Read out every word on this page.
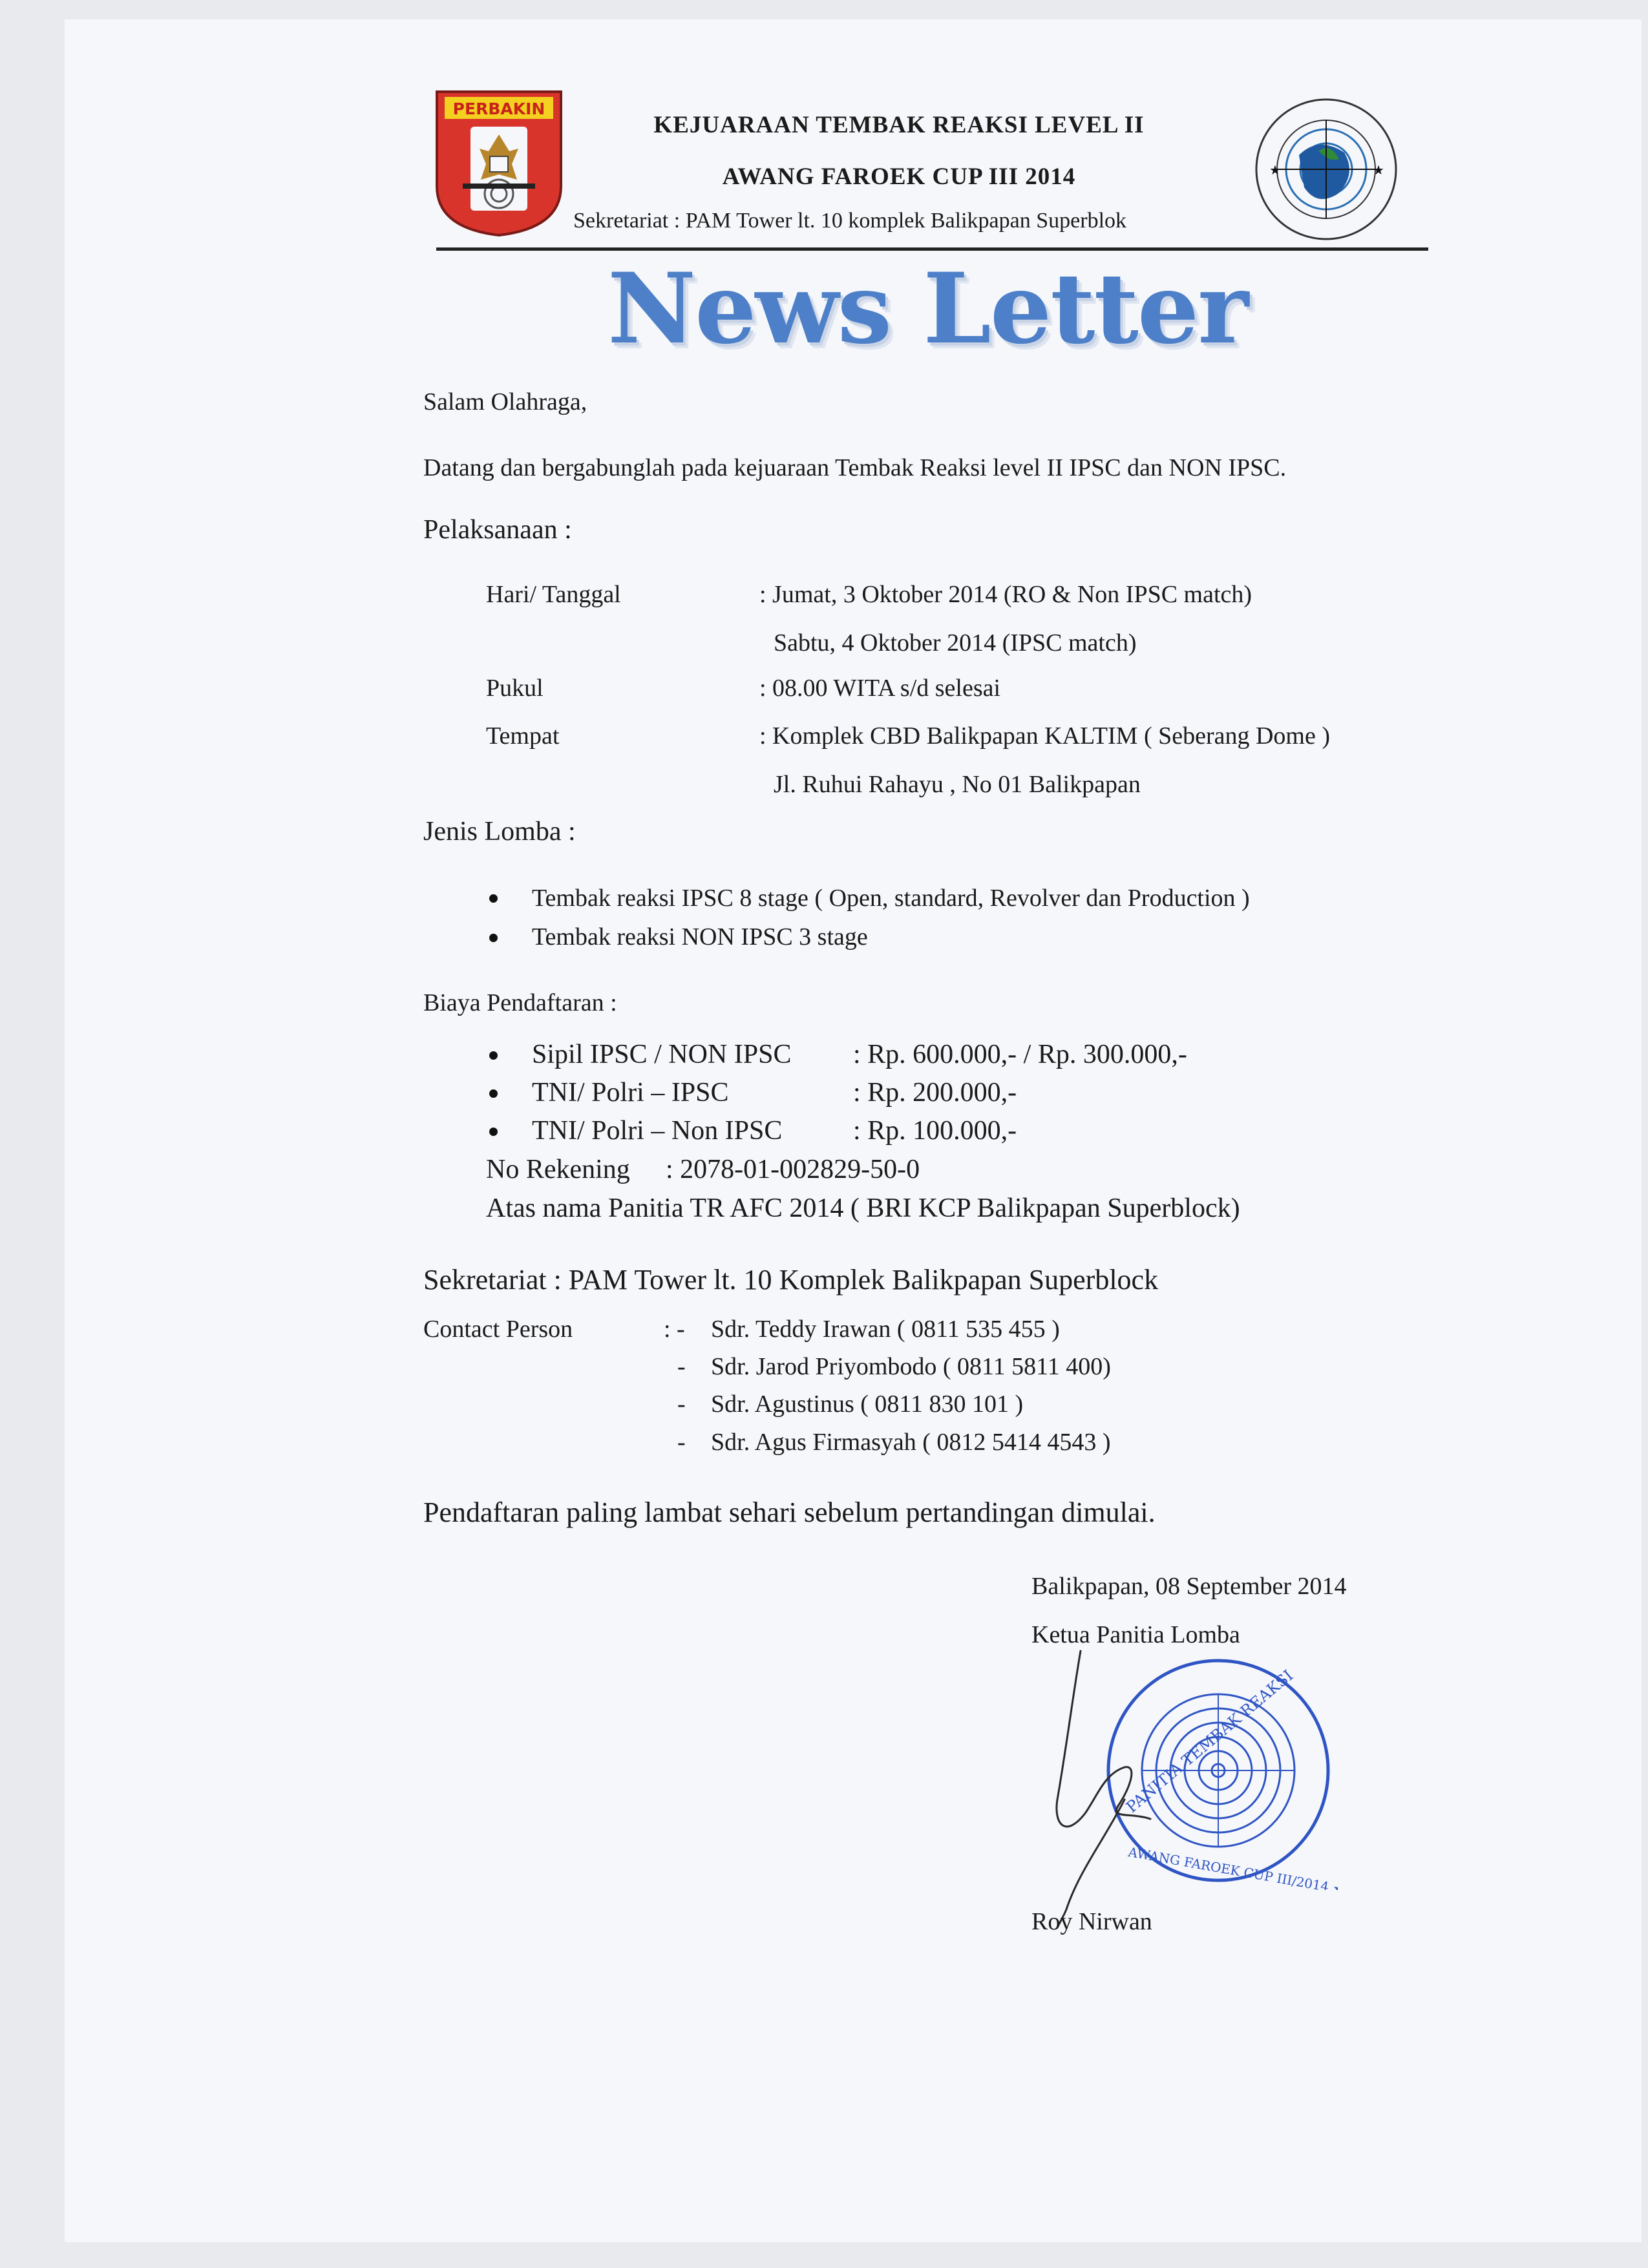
PERBAKIN
KEJUARAAN TEMBAK REAKSI LEVEL II
AWANG FAROEK CUP III 2014
Sekretariat : PAM Tower lt. 10 komplek Balikpapan Superblok
★	★
News Letter
Salam Olahraga,
Datang dan bergabunglah pada kejuaraan Tembak Reaksi level II IPSC dan NON IPSC.
Pelaksanaan :
Hari/ Tanggal	: Jumat, 3 Oktober 2014 (RO & Non IPSC match)
Sabtu, 4 Oktober 2014 (IPSC match)
Pukul	: 08.00 WITA s/d selesai
Tempat	: Komplek CBD Balikpapan KALTIM ( Seberang Dome )
Jl. Ruhui Rahayu , No 01 Balikpapan
Jenis Lomba :
Tembak reaksi IPSC 8 stage ( Open, standard, Revolver dan Production )
Tembak reaksi NON IPSC 3 stage
Biaya Pendaftaran :
Sipil IPSC / NON IPSC : Rp. 600.000,- / Rp. 300.000,-
TNI/ Polri – IPSC	: Rp. 200.000,-
TNI/ Polri – Non IPSC	: Rp. 100.000,-
No Rekening : 2078-01-002829-50-0
Atas nama Panitia TR AFC 2014 ( BRI KCP Balikpapan Superblock)
Sekretariat : PAM Tower lt. 10 Komplek Balikpapan Superblock
Contact Person	: - Sdr. Teddy Irawan ( 0811 535 455 )
- Sdr. Jarod Priyombodo ( 0811 5811 400)
- Sdr. Agustinus ( 0811 830 101 )
- Sdr. Agus Firmasyah ( 0812 5414 4543 )
Pendaftaran paling lambat sehari sebelum pertandingan dimulai.
Balikpapan, 08 September 2014
Ketua Panitia Lomba
PANITIA TEMBAK REAKSI
AWANG FAROEK CUP III/2014 ★
Roy Nirwan
